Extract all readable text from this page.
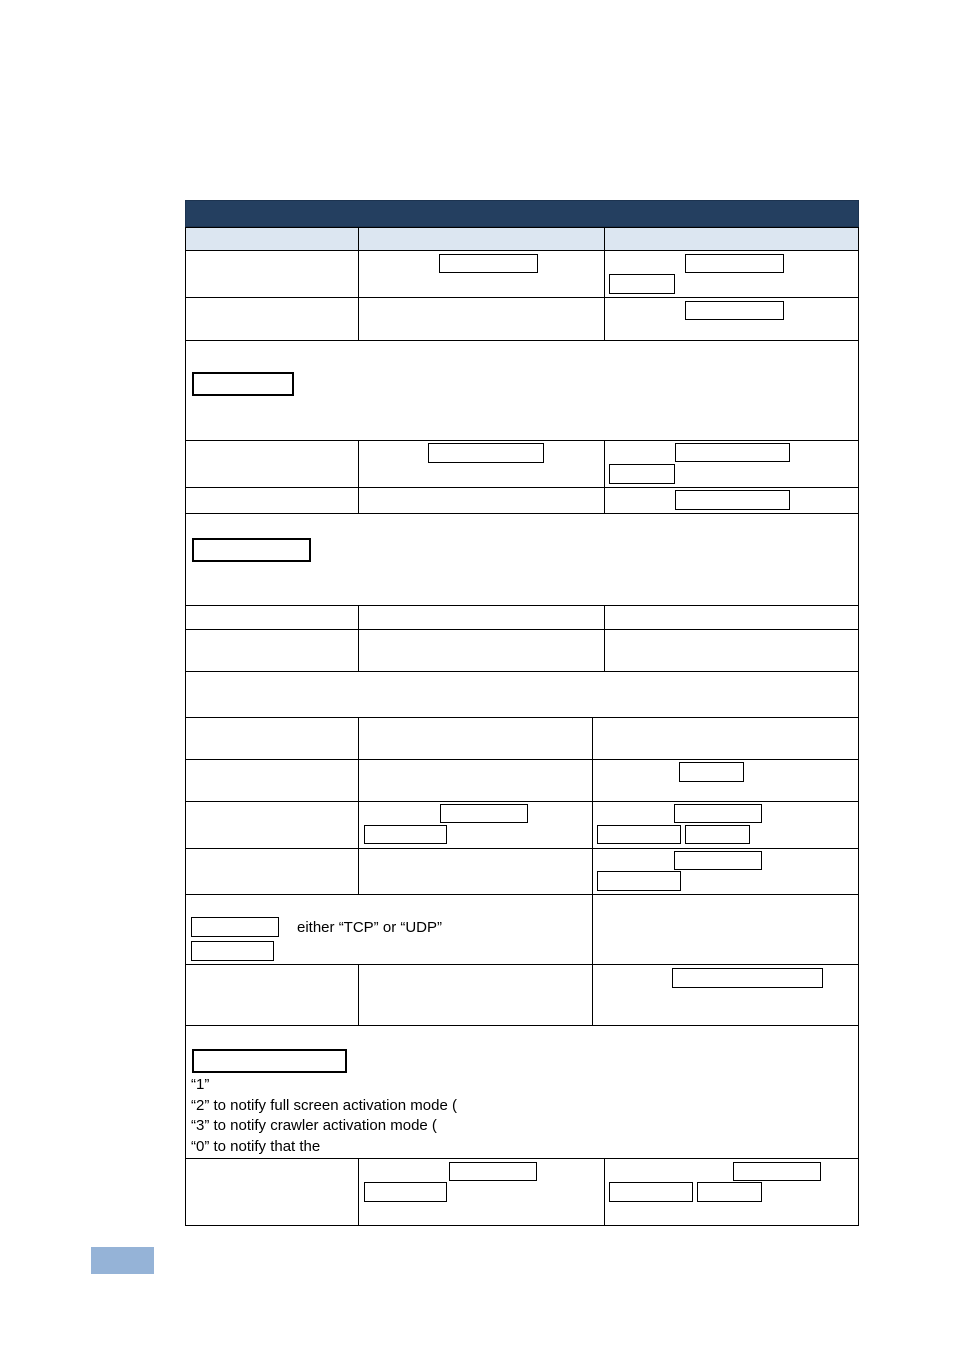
either “TCP” or “UDP”
“1”
“2” to notify full screen activation mode (
“3” to notify crawler activation mode (
“0” to notify that the
